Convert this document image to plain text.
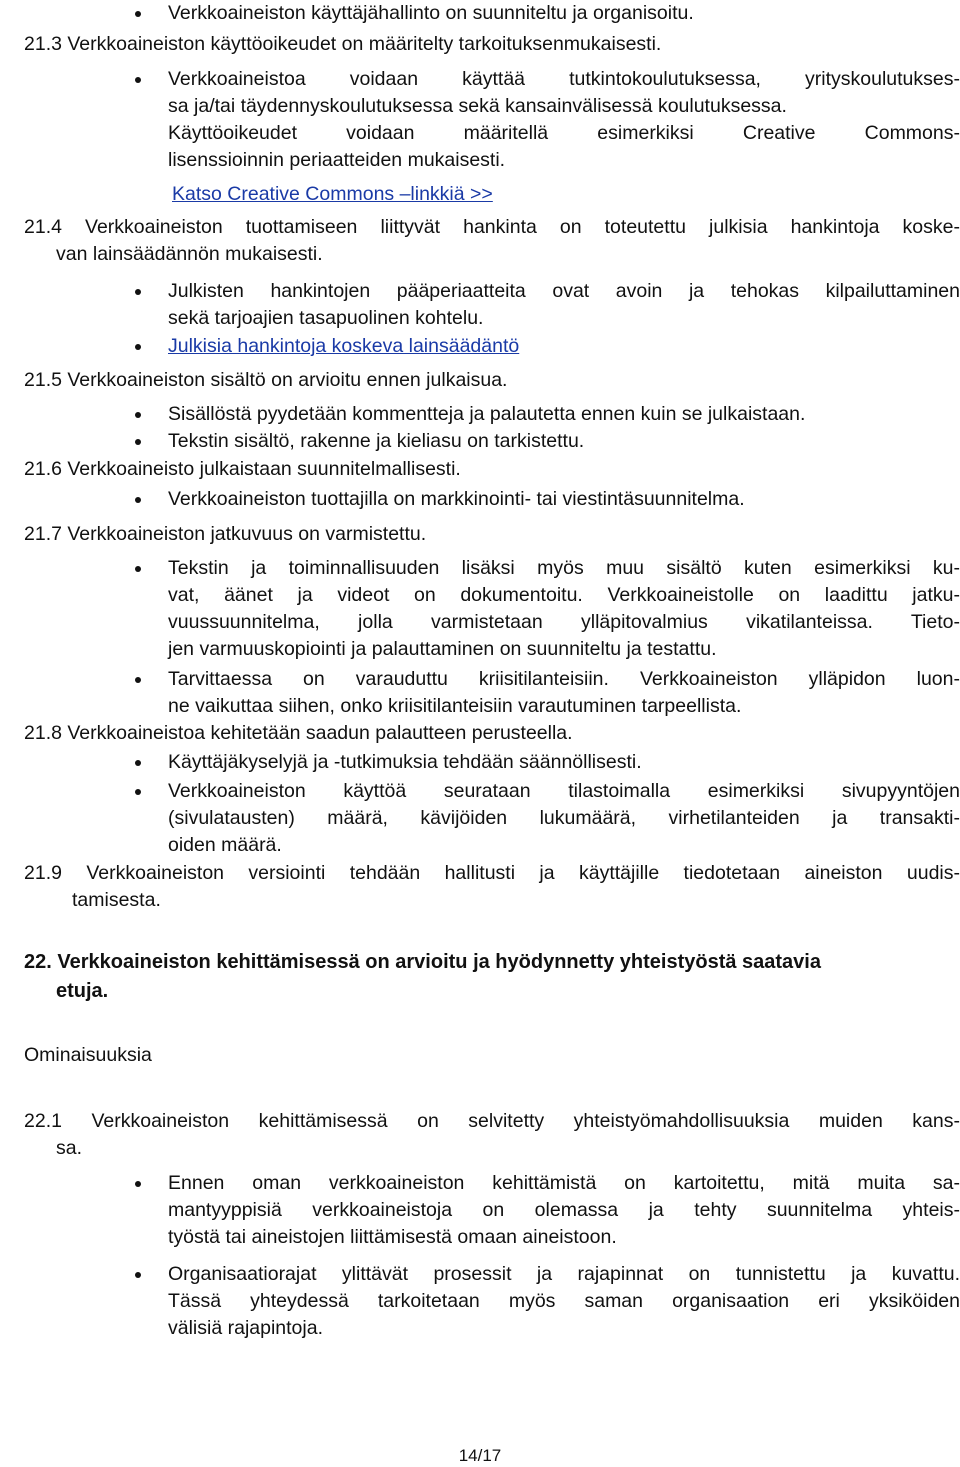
Verkkoaineiston käyttäjähallinto on suunniteltu ja organisoitu.
21.3 Verkkoaineiston käyttöoikeudet on määritelty tarkoituksenmukaisesti.
Verkkoaineistoa voidaan käyttää tutkintokoulutuksessa, yrityskoulutukses-
sa ja/tai täydennyskoulutuksessa sekä kansainvälisessä koulutuksessa.
Käyttöoikeudet voidaan määritellä esimerkiksi Creative Commons-
lisenssioinnin periaatteiden mukaisesti.
Katso Creative Commons –linkkiä >>
21.4 Verkkoaineiston tuottamiseen liittyvät hankinta on toteutettu julkisia hankintoja koske-
van lainsäädännön mukaisesti.
Julkisten hankintojen pääperiaatteita ovat avoin ja tehokas kilpailuttaminen
sekä tarjoajien tasapuolinen kohtelu.
Julkisia hankintoja koskeva lainsäädäntö
21.5 Verkkoaineiston sisältö on arvioitu ennen julkaisua.
Sisällöstä pyydetään kommentteja ja palautetta ennen kuin se julkaistaan.
Tekstin sisältö, rakenne ja kieliasu on tarkistettu.
21.6 Verkkoaineisto julkaistaan suunnitelmallisesti.
Verkkoaineiston tuottajilla on markkinointi- tai viestintäsuunnitelma.
21.7 Verkkoaineiston jatkuvuus on varmistettu.
Tekstin ja toiminnallisuuden lisäksi myös muu sisältö kuten esimerkiksi ku-
vat, äänet ja videot on dokumentoitu. Verkkoaineistolle on laadittu jatku-
vuussuunnitelma, jolla varmistetaan ylläpitovalmius vikatilanteissa. Tieto-
jen varmuuskopiointi ja palauttaminen on suunniteltu ja testattu.
Tarvittaessa on varauduttu kriisitilanteisiin. Verkkoaineiston ylläpidon luon-
ne vaikuttaa siihen, onko kriisitilanteisiin varautuminen tarpeellista.
21.8 Verkkoaineistoa kehitetään saadun palautteen perusteella.
Käyttäjäkyselyjä ja -tutkimuksia tehdään säännöllisesti.
Verkkoaineiston käyttöä seurataan tilastoimalla esimerkiksi sivupyyntöjen
(sivulatausten) määrä, kävijöiden lukumäärä, virhetilanteiden ja transakti-
oiden määrä.
21.9 Verkkoaineiston versiointi tehdään hallitusti ja käyttäjille tiedotetaan aineiston uudis-
tamisesta.
22. Verkkoaineiston kehittämisessä on arvioitu ja hyödynnetty yhteistyöstä saatavia
etuja.
Ominaisuuksia
22.1 Verkkoaineiston kehittämisessä on selvitetty yhteistyömahdollisuuksia muiden kans-
sa.
Ennen oman verkkoaineiston kehittämistä on kartoitettu, mitä muita sa-
mantyyppisiä verkkoaineistoja on olemassa ja tehty suunnitelma yhteis-
työstä tai aineistojen liittämisestä omaan aineistoon.
Organisaatiorajat ylittävät prosessit ja rajapinnat on tunnistettu ja kuvattu.
Tässä yhteydessä tarkoitetaan myös saman organisaation eri yksiköiden
välisiä rajapintoja.
14/17
